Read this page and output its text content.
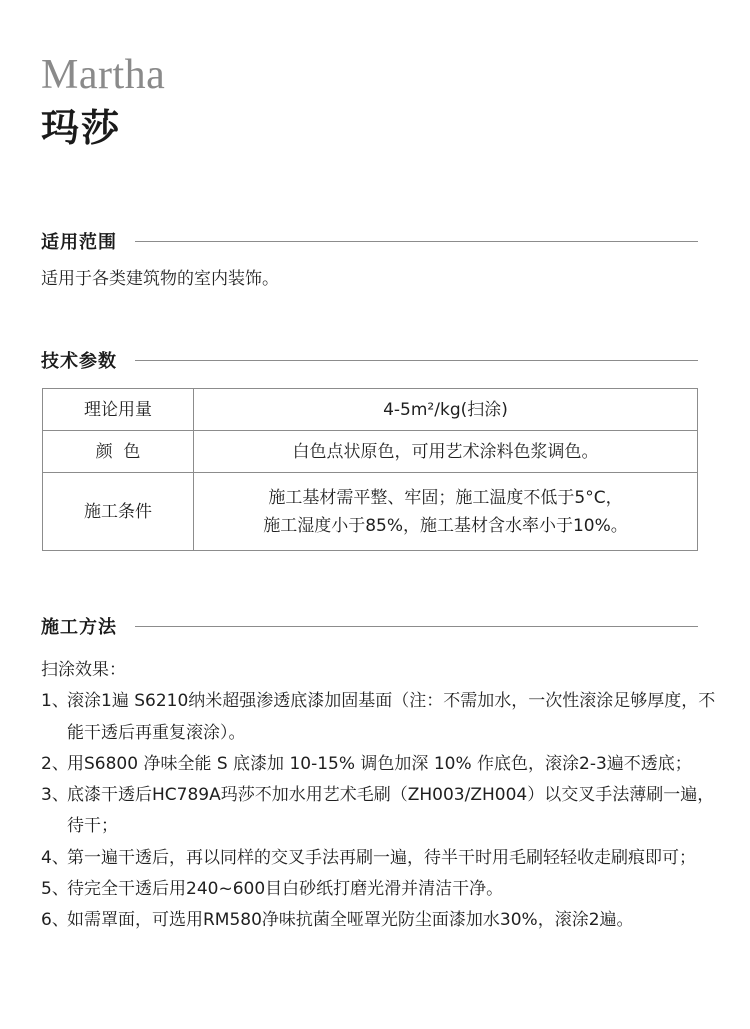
Martha
玛莎
适用范围
适用于各类建筑物的室内装饰。
技术参数
理论用量	4-5m²/kg(扫涂)

颜  色	白色点状原色，可用艺术涂料色浆调色。

施工条件	施工基材需平整、牢固；施工温度不低于5°C，
施工湿度小于85%，施工基材含水率小于10%。
施工方法

扫涂效果：

1、
滚涂1遍 S6210纳米超强渗透底漆加固基面（注：不需加水，一次性滚涂足够厚度，不能干透后再重复滚涂）。
2、
用S6800 净味全能 S 底漆加 10-15% 调色加深 10% 作底色，滚涂2-3遍不透底；
3、
底漆干透后HC789A玛莎不加水用艺术毛刷（ZH003/ZH004）以交叉手法薄刷一遍，待干；
4、
第一遍干透后，再以同样的交叉手法再刷一遍，待半干时用毛刷轻轻收走刷痕即可；
5、
待完全干透后用240~600目白砂纸打磨光滑并清洁干净。
6、
如需罩面，可选用RM580净味抗菌全哑罩光防尘面漆加水30%，滚涂2遍。
